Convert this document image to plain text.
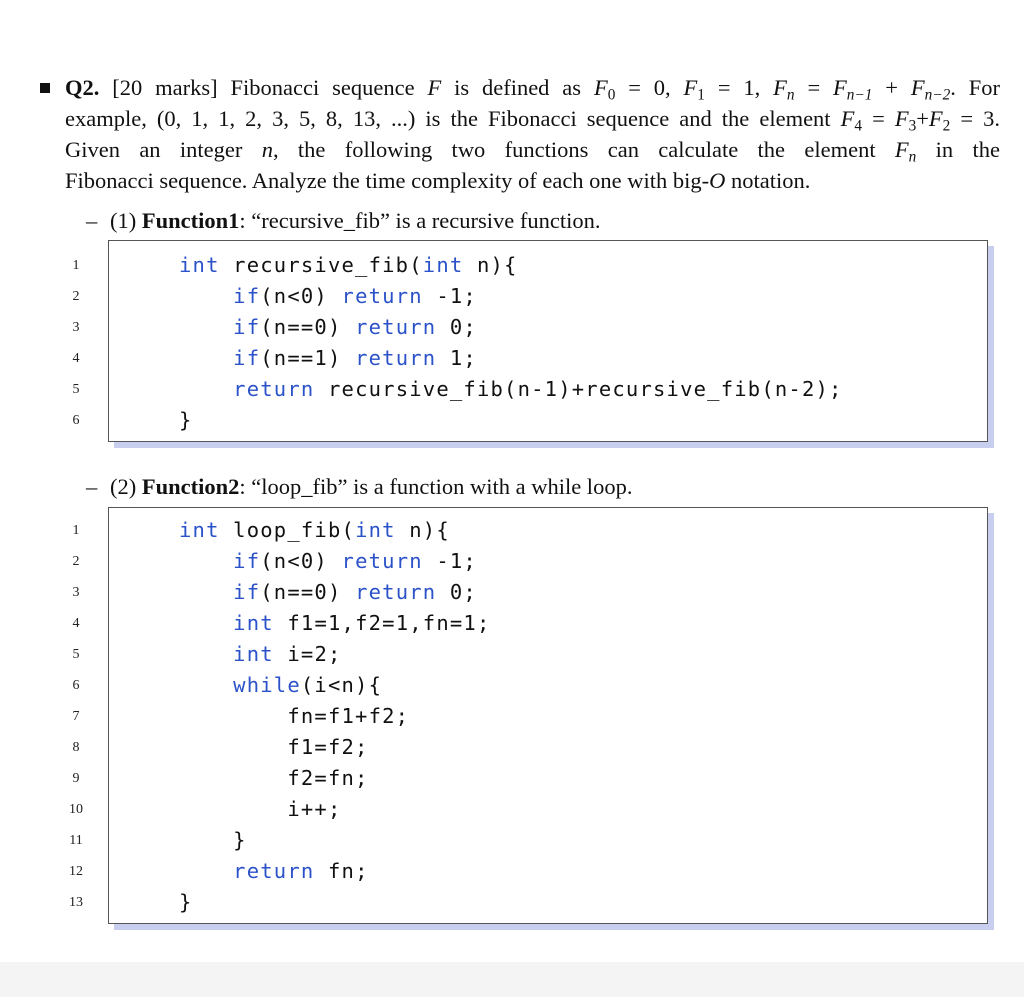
Q2. [20 marks] Fibonacci sequence F is defined as $F_0 = 0$, $F_1 = 1$, $F_n = F_{n-1} + F_{n-2}$. For
example, (0, 1, 1, 2, 3, 5, 8, 13, ...) is the Fibonacci sequence and the element $F_4 = F_3+F_2 = 3$.
Given an integer n, the following two functions can calculate the element $F_n$ in the
Fibonacci sequence. Analyze the time complexity of each one with big-O notation.
– (1) Function1: “recursive_fib” is a recursive function.
1	int recursive_fib(int n){
2	if(n<0) return -1;
3	if(n==0) return 0;
4	if(n==1) return 1;
5	return recursive_fib(n-1)+recursive_fib(n-2);
6	}
– (2) Function2: “loop_fib” is a function with a while loop.
1	int loop_fib(int n){
2	if(n<0) return -1;
3	if(n==0) return 0;
4	int f1=1,f2=1,fn=1;
5	int i=2;
6	while(i<n){
7	fn=f1+f2;
8	f1=f2;
9	f2=fn;
10	i++;
11	}
12	return fn;
13	}
